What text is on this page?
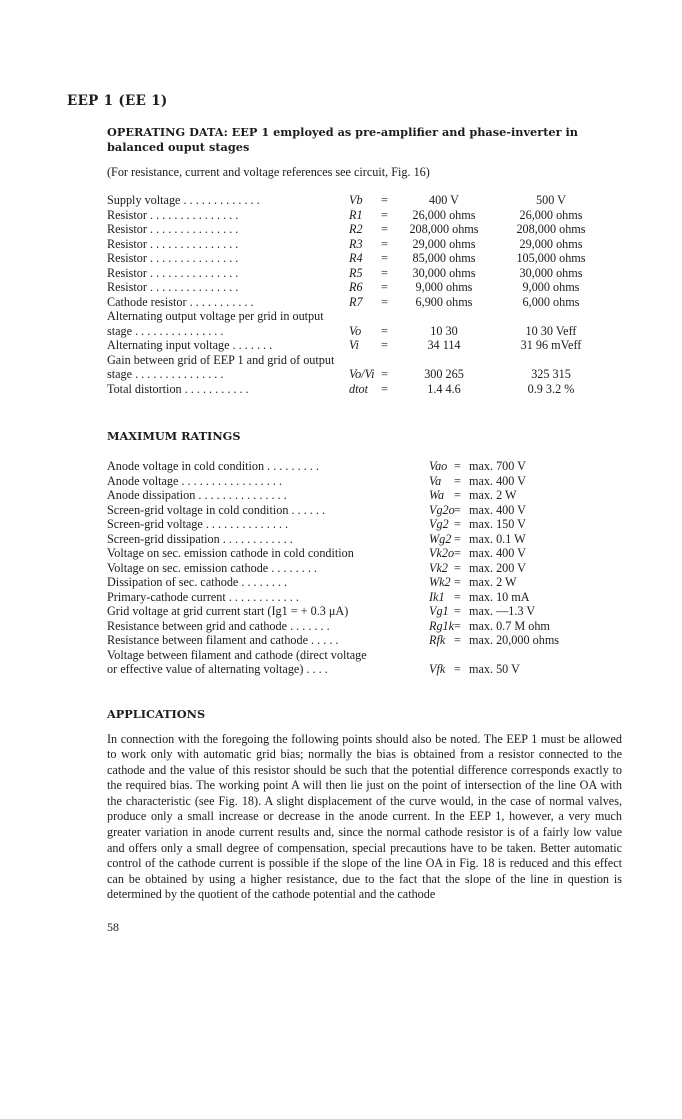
EEP 1 (EE 1)
OPERATING DATA: EEP 1 employed as pre-amplifier and phase-inverter in balanced ouput stages
(For resistance, current and voltage references see circuit, Fig. 16)
Supply voltage . . . . . . . . . . . . .	Vb =	400 V	500 V
Resistor . . . . . . . . . . . . . . .	R1 =	26,000 ohms	26,000 ohms
Resistor . . . . . . . . . . . . . . .	R2 =	208,000 ohms	208,000 ohms
Resistor . . . . . . . . . . . . . . .	R3 =	29,000 ohms	29,000 ohms
Resistor . . . . . . . . . . . . . . .	R4 =	85,000 ohms	105,000 ohms
Resistor . . . . . . . . . . . . . . .	R5 =	30,000 ohms	30,000 ohms
Resistor . . . . . . . . . . . . . . .	R6 =	9,000 ohms	9,000 ohms
Cathode resistor . . . . . . . . . . .	R7 =	6,900 ohms	6,000 ohms
Alternating output voltage per grid in output
stage . . . . . . . . . . . . . . .	Vo =	10 30	10 30 Veff
Alternating input voltage . . . . . . .	Vi =	34 114	31 96 mVeff
Gain between grid of EEP 1 and grid of output
stage . . . . . . . . . . . . . . .	Vo/Vi =	300 265	325 315
Total distortion . . . . . . . . . . .	dtot =	1.4 4.6	0.9 3.2 %
MAXIMUM RATINGS
Anode voltage in cold condition . . . . . . . . .	Vao = max. 700 V
Anode voltage . . . . . . . . . . . . . . . . .	Va = max. 400 V
Anode dissipation . . . . . . . . . . . . . . .	Wa = max. 2 W
Screen-grid voltage in cold condition . . . . . .	Vg2o = max. 400 V
Screen-grid voltage . . . . . . . . . . . . . .	Vg2 = max. 150 V
Screen-grid dissipation . . . . . . . . . . . .	Wg2 = max. 0.1 W
Voltage on sec. emission cathode in cold condition	Vk2o = max. 400 V
Voltage on sec. emission cathode . . . . . . . .	Vk2 = max. 200 V
Dissipation of sec. cathode . . . . . . . .	Wk2 = max. 2 W
Primary-cathode current . . . . . . . . . . . .	Ik1 = max. 10 mA
Grid voltage at grid current start (Ig1 = + 0.3 μA)	Vg1 = max. —1.3 V
Resistance between grid and cathode . . . . . . .	Rg1k = max. 0.7 M ohm
Resistance between filament and cathode . . . . .	Rfk = max. 20,000 ohms
Voltage between filament and cathode (direct voltage
or effective value of alternating voltage) . . . .	Vfk = max. 50 V
APPLICATIONS
In connection with the foregoing the following points should also be noted. The EEP 1 must be allowed to work only with automatic grid bias; normally the bias is obtained from a resistor connected to the cathode and the value of this resistor should be such that the potential difference corresponds exactly to the required bias. The working point A will then lie just on the point of intersection of the line OA with the characteristic (see Fig. 18). A slight displacement of the curve would, in the case of normal valves, produce only a small increase or decrease in the anode current. In the EEP 1, however, a very much greater variation in anode current results and, since the normal cathode resistor is of a fairly low value and offers only a small degree of compensation, special precautions have to be taken. Better automatic control of the cathode current is possible if the slope of the line OA in Fig. 18 is reduced and this effect can be obtained by using a higher resistance, due to the fact that the slope of the line in question is determined by the quotient of the cathode potential and the cathode
58
